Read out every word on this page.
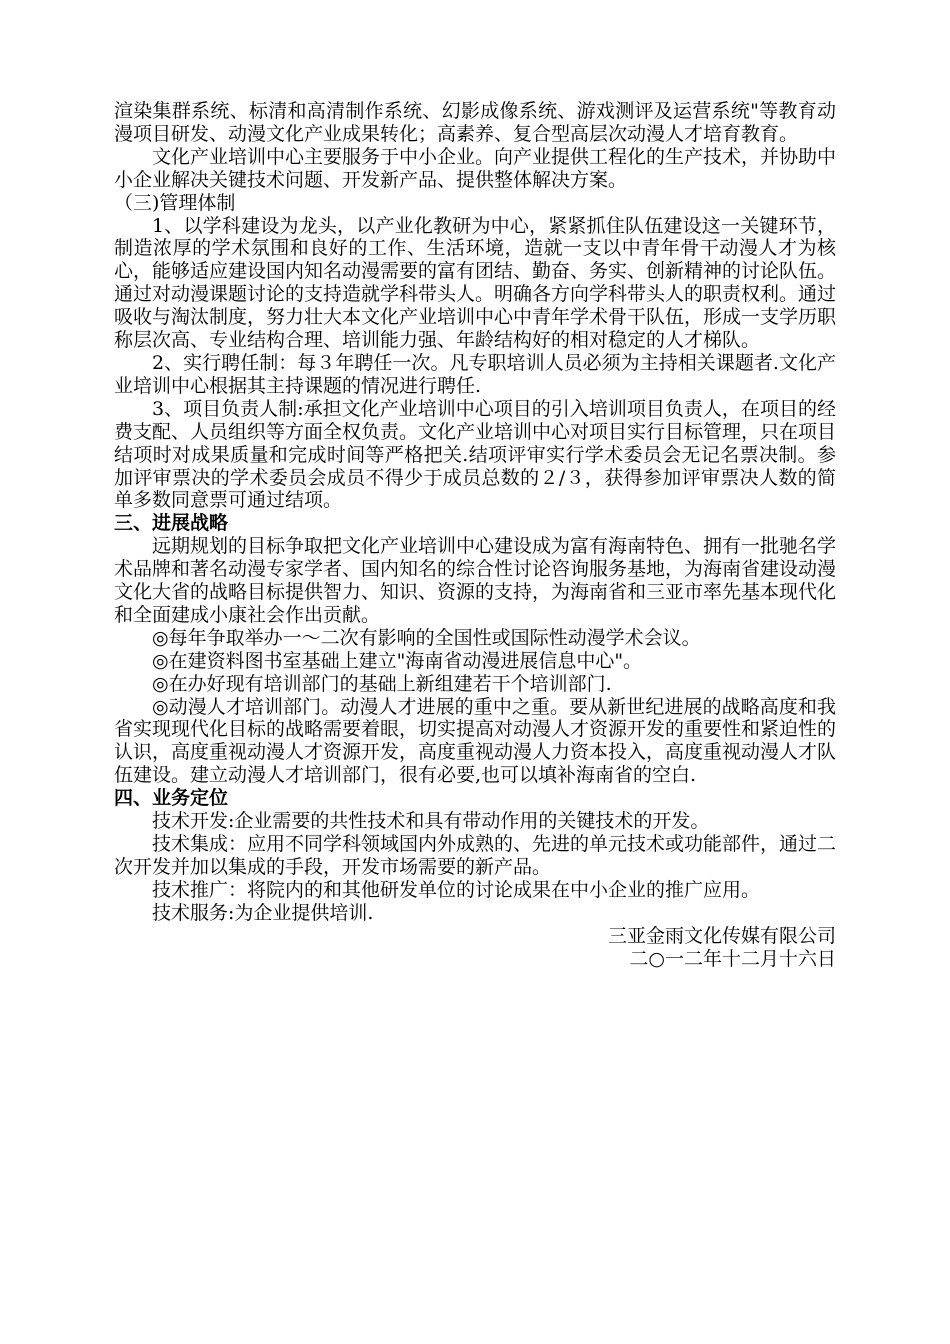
渲染集群系统、标清和高清制作系统、幻影成像系统、游戏测评及运营系统"等教育动漫项目研发、动漫文化产业成果转化；高素养、复合型高层次动漫人才培育教育。

文化产业培训中心主要服务于中小企业。向产业提供工程化的生产技术，并协助中小企业解决关键技术问题、开发新产品、提供整体解决方案。

（三)管理体制

1、以学科建设为龙头，以产业化教研为中心，紧紧抓住队伍建设这一关键环节，制造浓厚的学术氛围和良好的工作、生活环境，造就一支以中青年骨干动漫人才为核心，能够适应建设国内知名动漫需要的富有团结、勤奋、务实、创新精神的讨论队伍。通过对动漫课题讨论的支持造就学科带头人。明确各方向学科带头人的职责权利。通过吸收与淘汰制度，努力壮大本文化产业培训中心中青年学术骨干队伍，形成一支学历职称层次高、专业结构合理、培训能力强、年龄结构好的相对稳定的人才梯队。

2、实行聘任制：每３年聘任一次。凡专职培训人员必须为主持相关课题者.文化产业培训中心根据其主持课题的情况进行聘任.

3、项目负责人制:承担文化产业培训中心项目的引入培训项目负责人，在项目的经费支配、人员组织等方面全权负责。文化产业培训中心对项目实行目标管理，只在项目结项时对成果质量和完成时间等严格把关.结项评审实行学术委员会无记名票决制。参加评审票决的学术委员会成员不得少于成员总数的２/３，获得参加评审票决人数的简单多数同意票可通过结项。

三、进展战略

远期规划的目标争取把文化产业培训中心建设成为富有海南特色、拥有一批驰名学术品牌和著名动漫专家学者、国内知名的综合性讨论咨询服务基地，为海南省建设动漫文化大省的战略目标提供智力、知识、资源的支持，为海南省和三亚市率先基本现代化和全面建成小康社会作出贡献。

◎每年争取举办一～二次有影响的全国性或国际性动漫学术会议。

◎在建资料图书室基础上建立"海南省动漫进展信息中心"。

◎在办好现有培训部门的基础上新组建若干个培训部门.

◎动漫人才培训部门。动漫人才进展的重中之重。要从新世纪进展的战略高度和我省实现现代化目标的战略需要着眼，切实提高对动漫人才资源开发的重要性和紧迫性的认识，高度重视动漫人才资源开发，高度重视动漫人力资本投入，高度重视动漫人才队伍建设。建立动漫人才培训部门，很有必要,也可以填补海南省的空白.

四、业务定位

技术开发:企业需要的共性技术和具有带动作用的关键技术的开发。

技术集成：应用不同学科领域国内外成熟的、先进的单元技术或功能部件，通过二次开发并加以集成的手段，开发市场需要的新产品。

技术推广：将院内的和其他研发单位的讨论成果在中小企业的推广应用。

技术服务:为企业提供培训.

三亚金雨文化传媒有限公司

二○一二年十二月十六日
